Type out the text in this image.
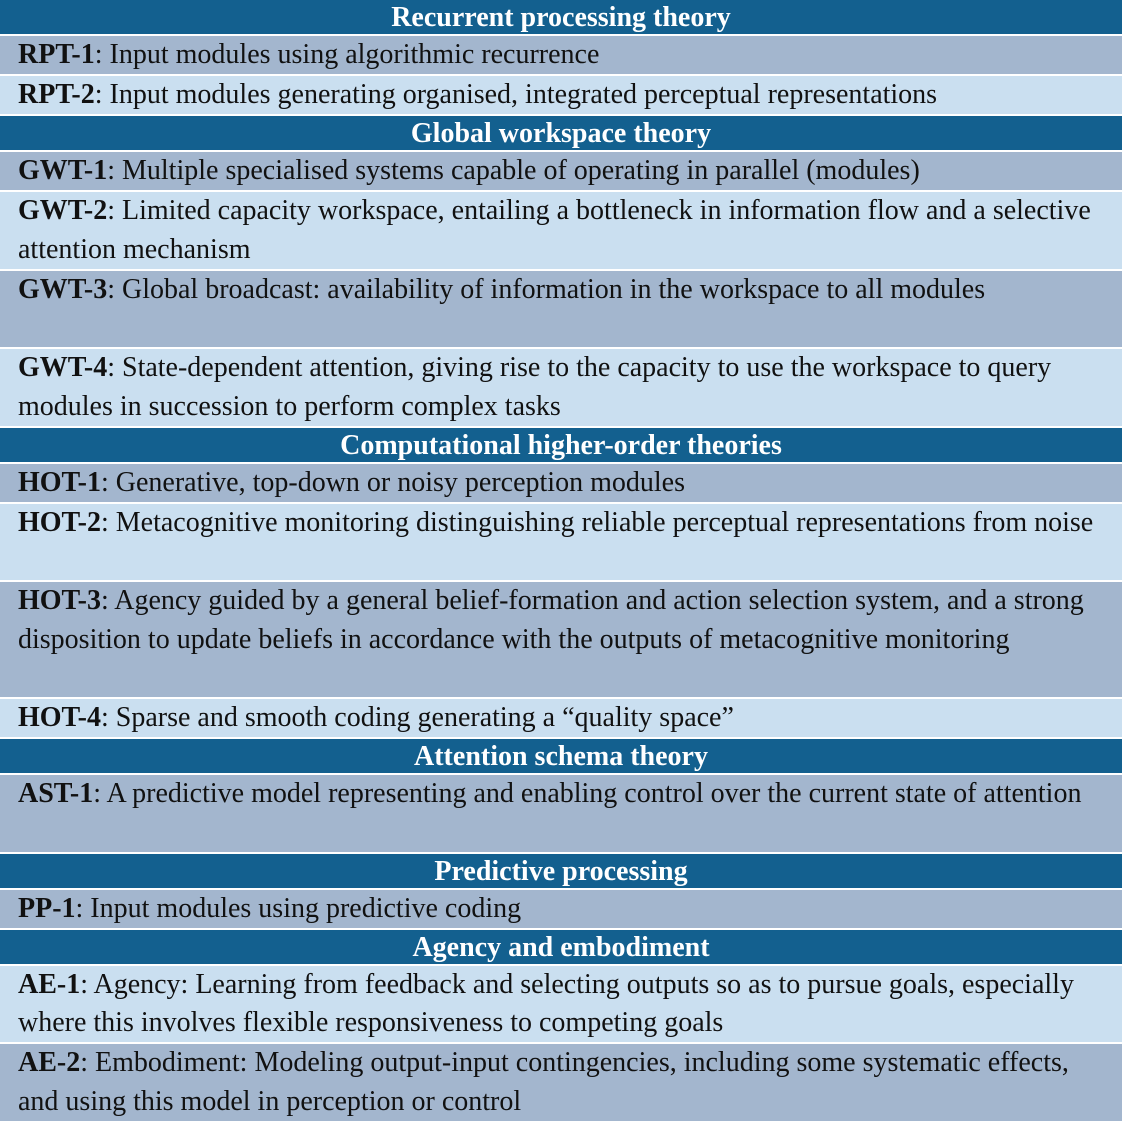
Recurrent processing theory
RPT-1: Input modules using algorithmic recurrence
RPT-2: Input modules generating organised, integrated perceptual representations
Global workspace theory
GWT-1: Multiple specialised systems capable of operating in parallel (modules)
GWT-2: Limited capacity workspace, entailing a bottleneck in information flow and a selective attention mechanism
GWT-3: Global broadcast: availability of information in the workspace to all modules
GWT-4: State-dependent attention, giving rise to the capacity to use the workspace to query modules in succession to perform complex tasks
Computational higher-order theories
HOT-1: Generative, top-down or noisy perception modules
HOT-2: Metacognitive monitoring distinguishing reliable perceptual representations from noise
HOT-3: Agency guided by a general belief-formation and action selection system, and a strong disposition to update beliefs in accordance with the outputs of metacognitive monitoring
HOT-4: Sparse and smooth coding generating a “quality space”
Attention schema theory
AST-1: A predictive model representing and enabling control over the current state of attention
Predictive processing
PP-1: Input modules using predictive coding
Agency and embodiment
AE-1: Agency: Learning from feedback and selecting outputs so as to pursue goals, especially where this involves flexible responsiveness to competing goals
AE-2: Embodiment: Modeling output-input contingencies, including some systematic effects, and using this model in perception or control
